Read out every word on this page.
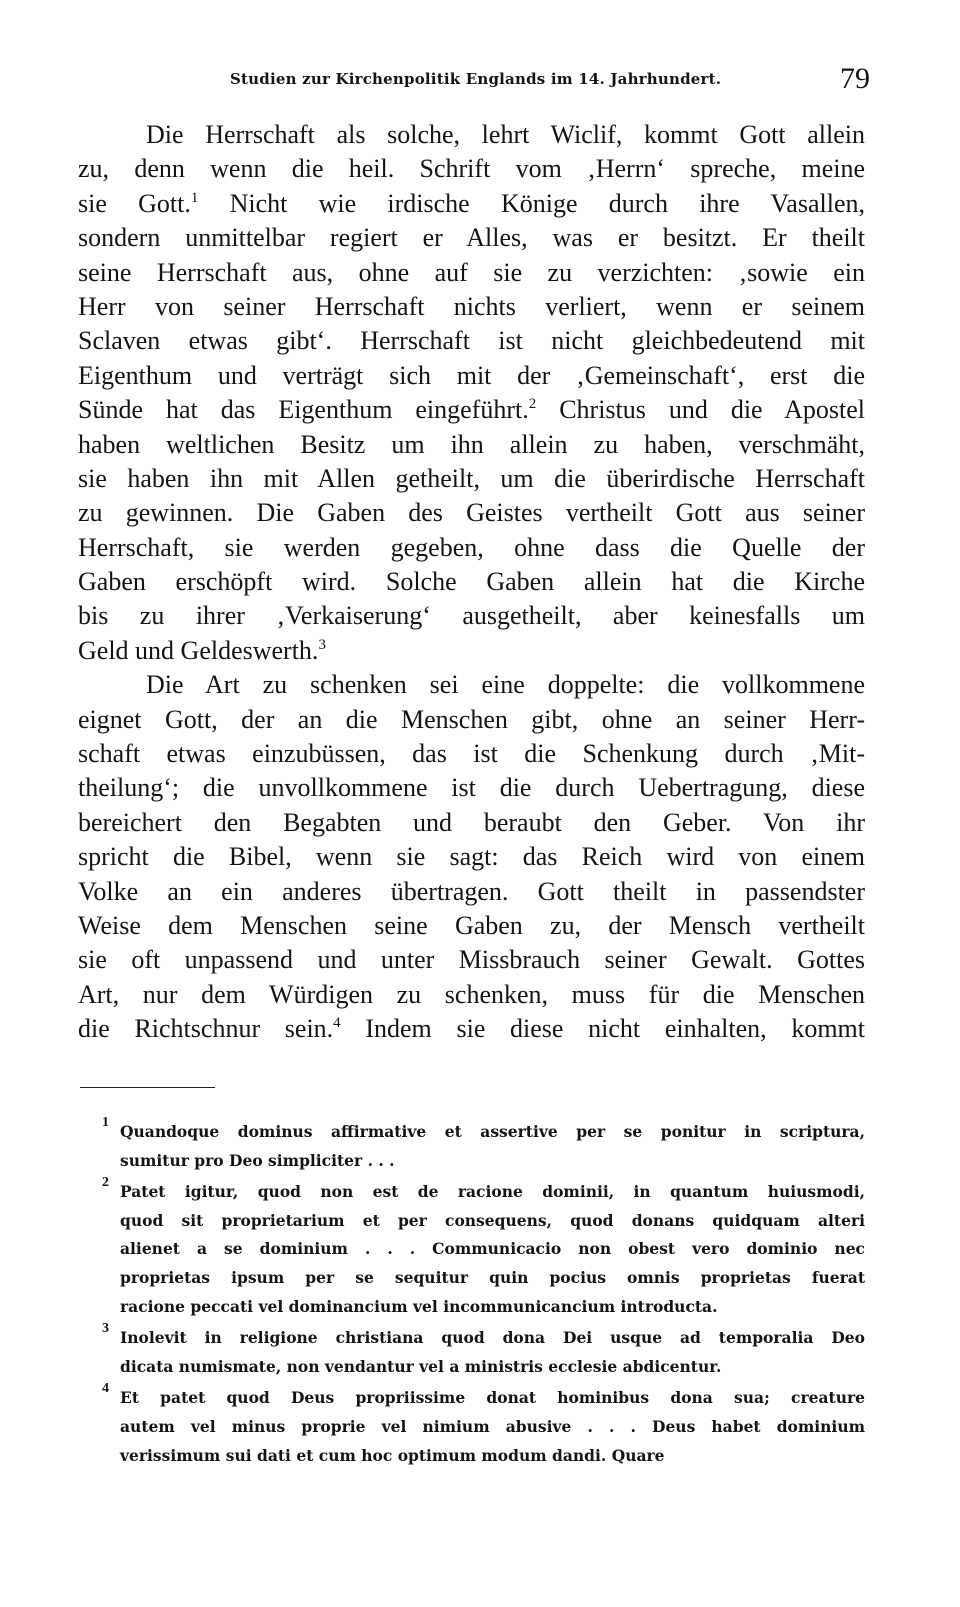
Studien zur Kirchenpolitik Englands im 14. Jahrhundert.	79
Die Herrschaft als solche, lehrt Wiclif, kommt Gott allein
zu, denn wenn die heil. Schrift vom ‚Herrn‘ spreche, meine
sie Gott.$^1$ Nicht wie irdische Könige durch ihre Vasallen,
sondern unmittelbar regiert er Alles, was er besitzt. Er theilt
seine Herrschaft aus, ohne auf sie zu verzichten: ‚sowie ein
Herr von seiner Herrschaft nichts verliert, wenn er seinem
Sclaven etwas gibt‘. Herrschaft ist nicht gleichbedeutend mit
Eigenthum und verträgt sich mit der ‚Gemeinschaft‘, erst die
Sünde hat das Eigenthum eingeführt.$^2$ Christus und die Apostel
haben weltlichen Besitz um ihn allein zu haben, verschmäht,
sie haben ihn mit Allen getheilt, um die überirdische Herrschaft
zu gewinnen. Die Gaben des Geistes vertheilt Gott aus seiner
Herrschaft, sie werden gegeben, ohne dass die Quelle der
Gaben erschöpft wird. Solche Gaben allein hat die Kirche
bis zu ihrer ‚Verkaiserung‘ ausgetheilt, aber keinesfalls um
Geld und Geldeswerth.$^3$
Die Art zu schenken sei eine doppelte: die vollkommene
eignet Gott, der an die Menschen gibt, ohne an seiner Herr-
schaft etwas einzubüssen, das ist die Schenkung durch ‚Mit-
theilung‘; die unvollkommene ist die durch Uebertragung, diese
bereichert den Begabten und beraubt den Geber. Von ihr
spricht die Bibel, wenn sie sagt: das Reich wird von einem
Volke an ein anderes übertragen. Gott theilt in passendster
Weise dem Menschen seine Gaben zu, der Mensch vertheilt
sie oft unpassend und unter Missbrauch seiner Gewalt. Gottes
Art, nur dem Würdigen zu schenken, muss für die Menschen
die Richtschnur sein.$^4$ Indem sie diese nicht einhalten, kommt
1 Quandoque dominus affirmative et assertive per se ponitur in scriptura,
sumitur pro Deo simpliciter . . .
2 Patet igitur, quod non est de racione dominii, in quantum huiusmodi,
quod sit proprietarium et per consequens, quod donans quidquam alteri
alienet a se dominium . . . Communicacio non obest vero dominio nec
proprietas ipsum per se sequitur quin pocius omnis proprietas fuerat
racione peccati vel dominancium vel incommunicancium introducta.
3 Inolevit in religione christiana quod dona Dei usque ad temporalia Deo
dicata numismate, non vendantur vel a ministris ecclesie abdicentur.
4 Et patet quod Deus propriissime donat hominibus dona sua; creature
autem vel minus proprie vel nimium abusive . . . Deus habet dominium
verissimum sui dati et cum hoc optimum modum dandi. Quare
